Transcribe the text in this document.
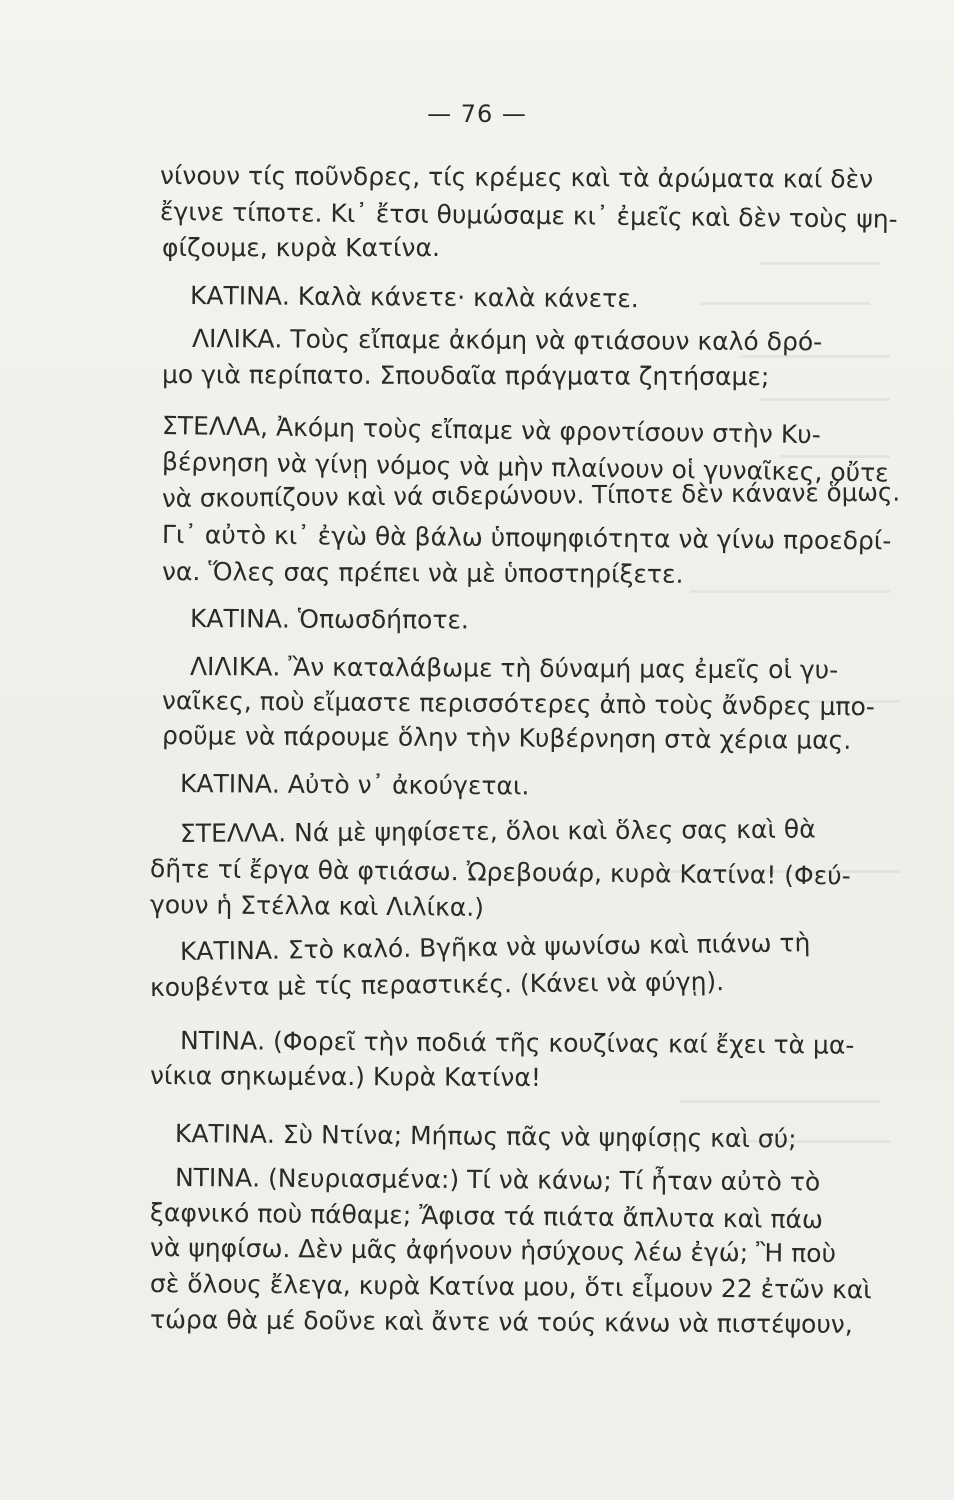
— 76 —
νίνουν τίς ποῦνδρες, τίς κρέμες καὶ τὰ ἀρώματα καί δὲν
ἔγινε τίποτε. Κι᾽ ἔτσι θυμώσαμε κι᾽ ἐμεῖς καὶ δὲν τοὺς ψη-
φίζουμε, κυρὰ Κατίνα.
ΚΑΤΙΝΑ. Καλὰ κάνετε· καλὰ κάνετε.
ΛΙΛΙΚΑ. Τοὺς εἴπαμε ἀκόμη νὰ φτιάσουν καλό δρό-
μο γιὰ περίπατο. Σπουδαῖα πράγματα ζητήσαμε;
ΣΤΕΛΛΑ, Ἀκόμη τοὺς εἴπαμε νὰ φροντίσουν στὴν Κυ-
βέρνηση νὰ γίνῃ νόμος νὰ μὴν πλαίνουν οἱ γυναῖκες, οὔτε
νὰ σκουπίζουν καὶ νά σιδερώνουν. Τίποτε δὲν κάνανε ὅμως.
Γι᾽ αὐτὸ κι᾽ ἐγὼ θὰ βάλω ὑποψηφιότητα νὰ γίνω προεδρί-
να. Ὅλες σας πρέπει νὰ μὲ ὑποστηρίξετε.
ΚΑΤΙΝΑ. Ὁπωσδήποτε.
ΛΙΛΙΚΑ. Ἂν καταλάβωμε τὴ δύναμή μας ἐμεῖς οἱ γυ-
ναῖκες, ποὺ εἴμαστε περισσότερες ἀπὸ τοὺς ἄνδρες μπο-
ροῦμε νὰ πάρουμε ὅλην τὴν Κυβέρνηση στὰ χέρια μας.
ΚΑΤΙΝΑ. Αὐτὸ ν᾽ ἀκούγεται.
ΣΤΕΛΛΑ. Νά μὲ ψηφίσετε, ὅλοι καὶ ὅλες σας καὶ θὰ
δῆτε τί ἔργα θὰ φτιάσω. Ὠρεβουάρ, κυρὰ Κατίνα! (Φεύ-
γουν ἡ Στέλλα καὶ Λιλίκα.)
ΚΑΤΙΝΑ. Στὸ καλό. Βγῆκα νὰ ψωνίσω καὶ πιάνω τὴ
κουβέντα μὲ τίς περαστικές. (Κάνει νὰ φύγῃ).
ΝΤΙΝΑ. (Φορεῖ τὴν ποδιά τῆς κουζίνας καί ἔχει τὰ μα-
νίκια σηκωμένα.) Κυρὰ Κατίνα!
ΚΑΤΙΝΑ. Σὺ Ντίνα; Μήπως πᾶς νὰ ψηφίσῃς καὶ σύ;
ΝΤΙΝΑ. (Νευριασμένα:) Τί νὰ κάνω; Τί ἦταν αὐτὸ τὸ
ξαφνικό ποὺ πάθαμε; Ἄφισα τά πιάτα ἄπλυτα καὶ πάω
νὰ ψηφίσω. Δὲν μᾶς ἀφήνουν ἡσύχους λέω ἐγώ; Ἢ ποὺ
σὲ ὅλους ἔλεγα, κυρὰ Κατίνα μου, ὅτι εἶμουν 22 ἐτῶν καὶ
τώρα θὰ μέ δοῦνε καὶ ἄντε νά τούς κάνω νὰ πιστέψουν,
